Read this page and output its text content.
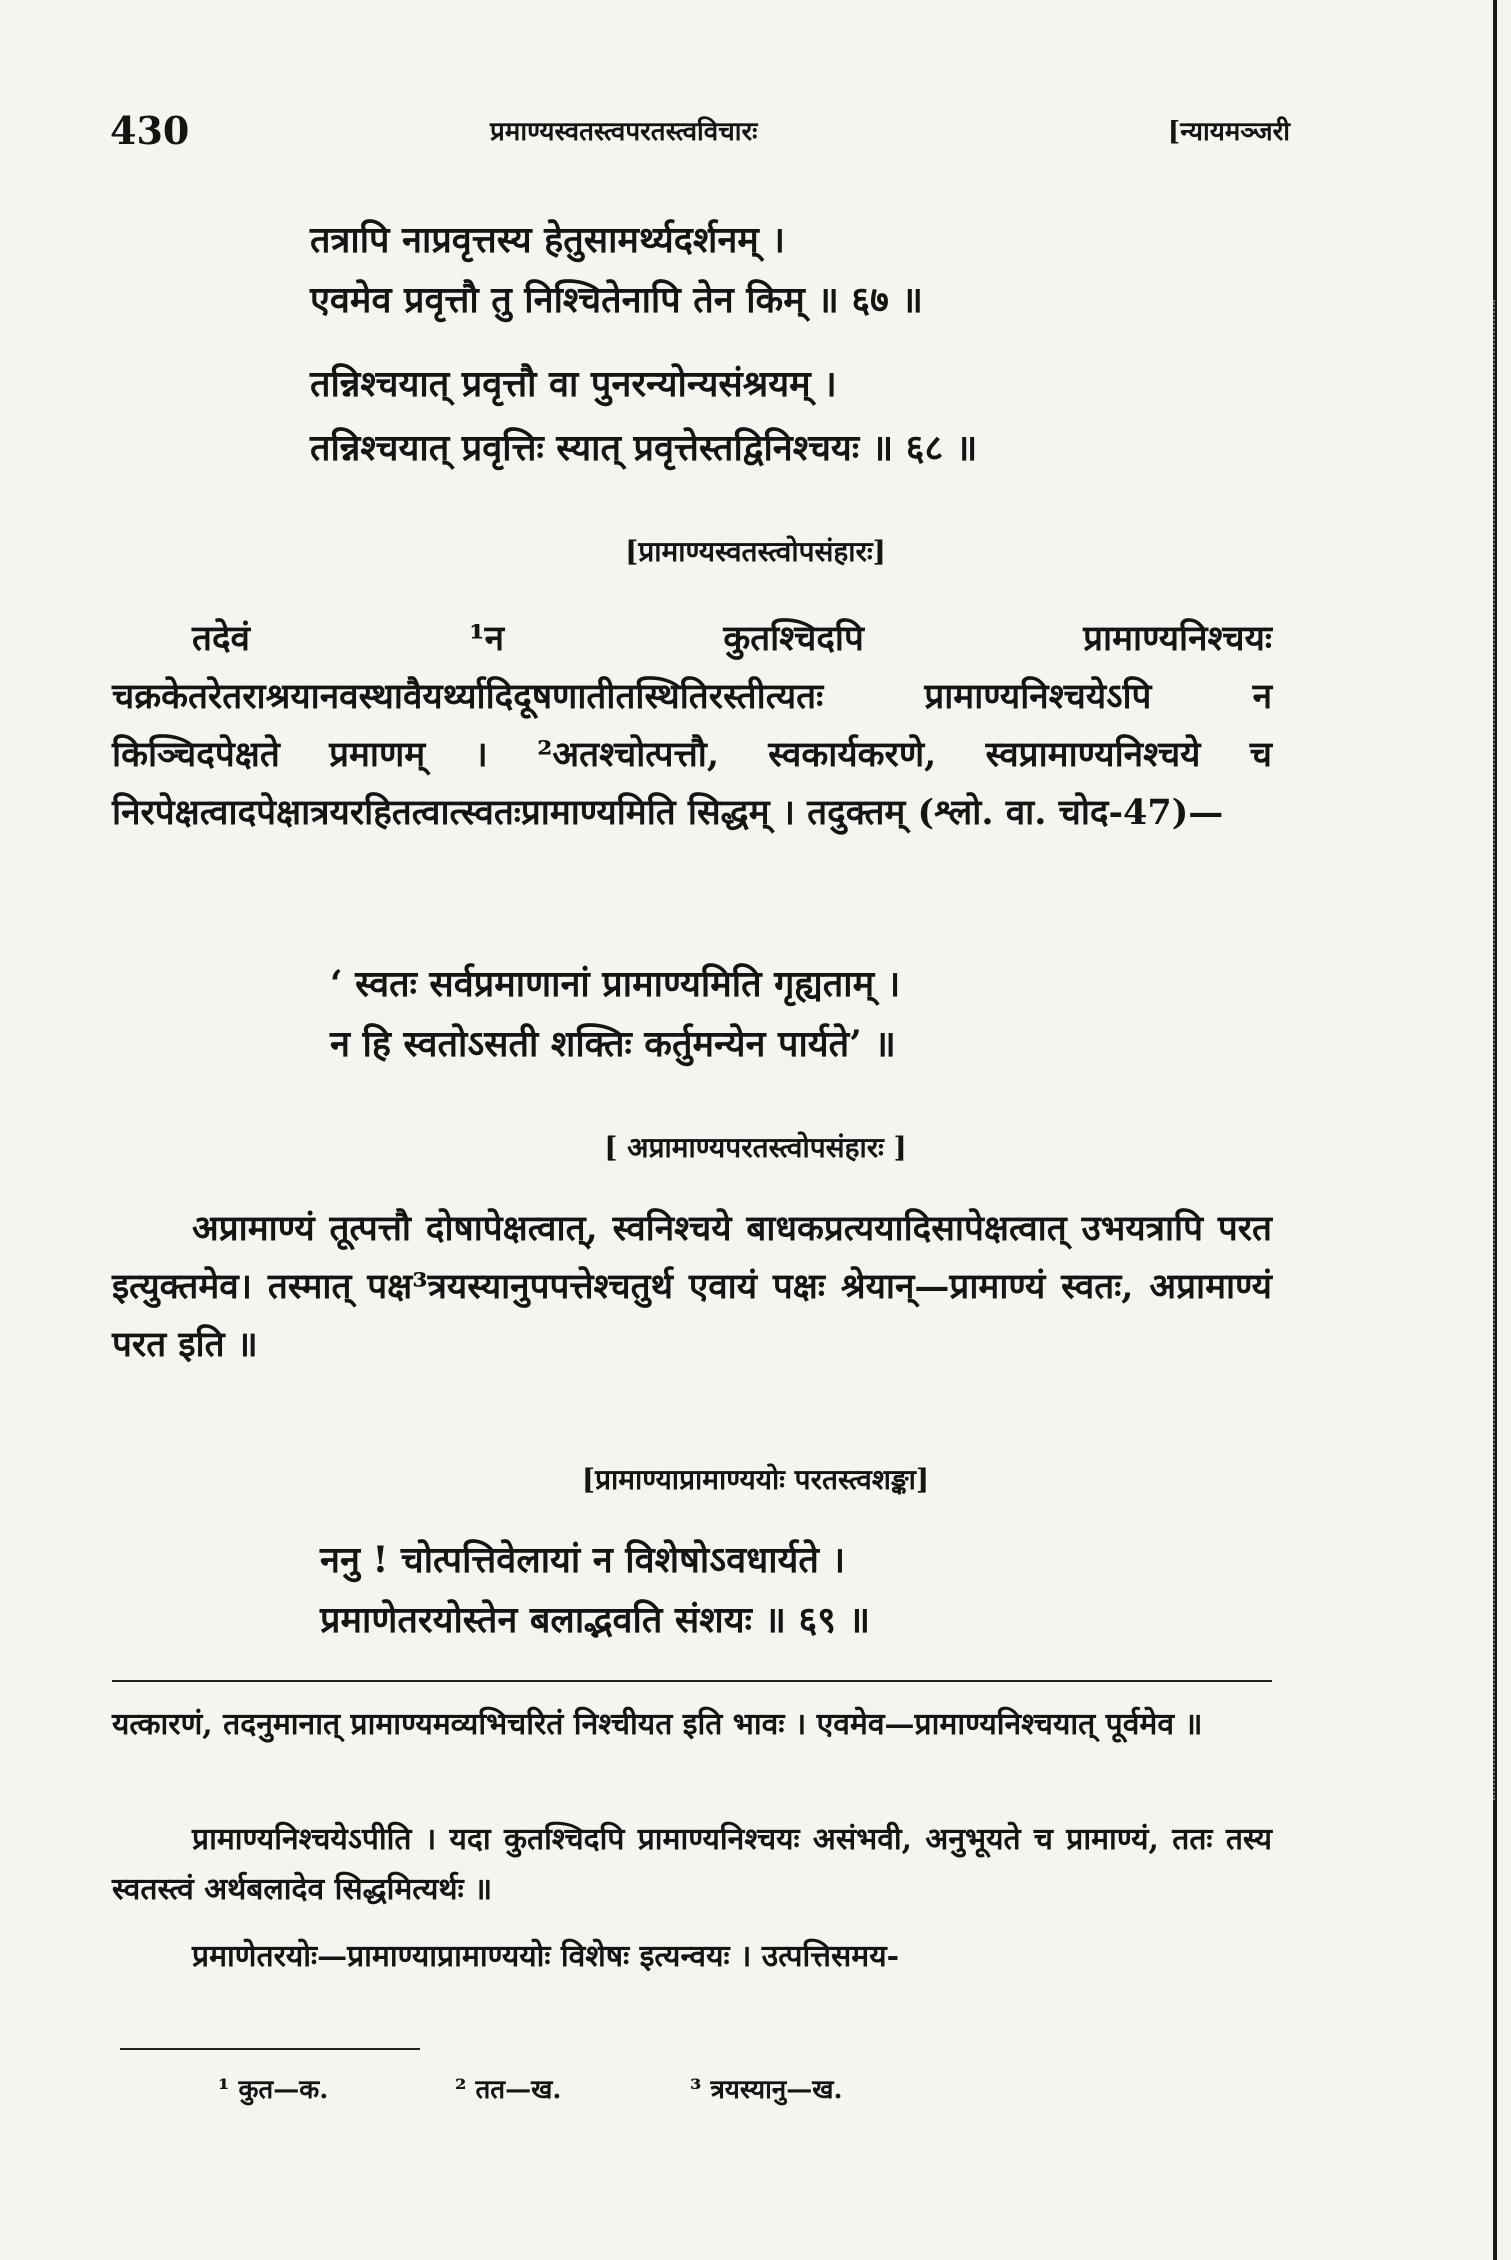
430	प्रमाण्यस्वतस्त्वपरतस्त्वविचारः	[न्यायमञ्जरी
तत्रापि नाप्रवृत्तस्य हेतुसामर्थ्यदर्शनम् ।
एवमेव प्रवृत्तौ तु निश्चितेनापि तेन किम् ॥ ६७ ॥
तन्निश्चयात् प्रवृत्तौ वा पुनरन्योन्यसंश्रयम् ।
तन्निश्चयात् प्रवृत्तिः स्यात् प्रवृत्तेस्तद्विनिश्चयः ॥ ६८ ॥
[प्रामाण्यस्वतस्त्वोपसंहारः]

तदेवं ¹न कुतश्चिदपि प्रामाण्यनिश्चयः चक्रकेतरेतराश्रयानवस्थावैयर्थ्यादिदूषणातीतस्थितिरस्तीत्यतः प्रामाण्यनिश्चयेऽपि न किञ्चिदपेक्षते प्रमाणम् । ²अतश्चोत्पत्तौ, स्वकार्यकरणे, स्वप्रामाण्यनिश्चये च निरपेक्षत्वादपेक्षात्रयरहितत्वात्स्वतःप्रामाण्यमिति सिद्धम् । तदुक्तम् (श्लो. वा. चोद-47)—

‘ स्वतः सर्वप्रमाणानां प्रामाण्यमिति गृह्यताम् ।
न हि स्वतोऽसती शक्तिः कर्तुमन्येन पार्यते’ ॥
[ अप्रामाण्यपरतस्त्वोपसंहारः ]

अप्रामाण्यं तूत्पत्तौ दोषापेक्षत्वात्, स्वनिश्चये बाधकप्रत्ययादिसापेक्षत्वात् उभयत्रापि परत इत्युक्तमेव। तस्मात् पक्ष³त्रयस्यानुपपत्तेश्चतुर्थ एवायं पक्षः श्रेयान्—प्रामाण्यं स्वतः, अप्रामाण्यं परत इति ॥

[प्रामाण्याप्रामाण्ययोः परतस्त्वशङ्का]
ननु ! चोत्पत्तिवेलायां न विशेषोऽवधार्यते ।
प्रमाणेतरयोस्तेन बलाद्भवति संशयः ॥ ६९ ॥
यत्कारणं, तदनुमानात् प्रामाण्यमव्यभिचरितं निश्चीयत इति भावः । एवमेव—प्रामाण्यनिश्चयात् पूर्वमेव ॥
प्रामाण्यनिश्चयेऽपीति । यदा कुतश्चिदपि प्रामाण्यनिश्चयः असंभवी, अनुभूयते च प्रामाण्यं, ततः तस्य स्वतस्त्वं अर्थबलादेव सिद्धमित्यर्थः ॥
प्रमाणेतरयोः—प्रामाण्याप्रामाण्ययोः विशेषः इत्यन्वयः । उत्पत्तिसमय-
¹ कुत—क.	² तत—ख.	³ त्रयस्यानु—ख.
